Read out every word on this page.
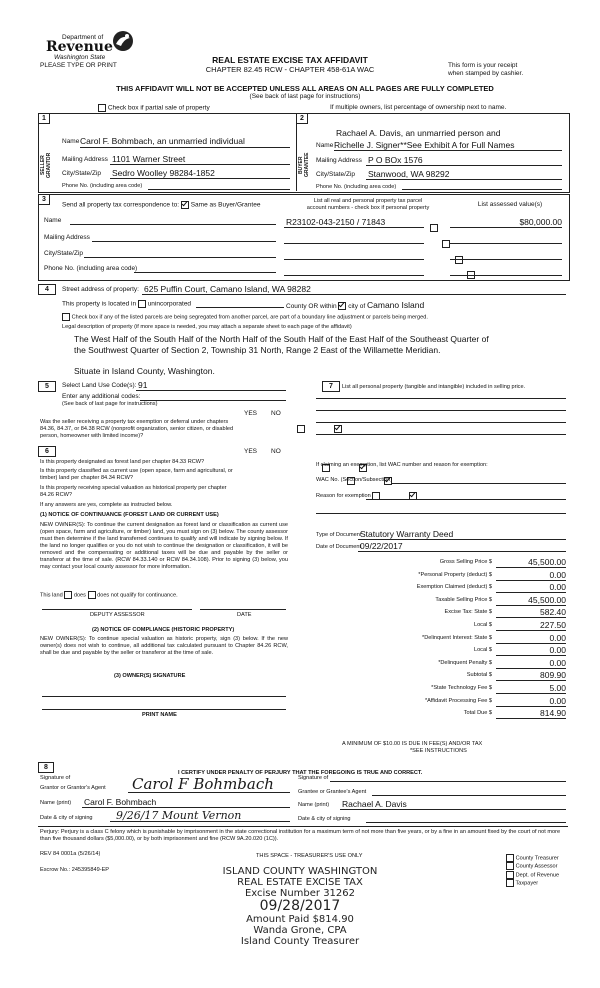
Department of
Revenue
Washington State
PLEASE TYPE OR PRINT
REAL ESTATE EXCISE TAX AFFIDAVIT
CHAPTER 82.45 RCW - CHAPTER 458-61A WAC	This form is your receipt
when stamped by cashier.
THIS AFFIDAVIT WILL NOT BE ACCEPTED UNLESS ALL AREAS ON ALL PAGES ARE FULLY COMPLETED
(See back of last page for instructions)
Check box if partial sale of property	If multiple owners, list percentage of ownership next to name.
1	2
SELLER GRANTOR	BUYER GRANTEE
Name Carol F. Bohmbach, an unmarried individual
Mailing Address 1101 Warner Street
City/State/Zip Sedro Woolley 98284-1852
Phone No. (including area code)
Rachael A. Davis, an unmarried person and
Name Richelle J. Signer**See Exhibit A for Full Names
Mailing Address P O BOx 1576
City/State/Zip Stanwood, WA 98292
Phone No. (including area code)
3
Send all property tax correspondence to: Same as Buyer/Grantee
List all real and personal property tax parcel
account numbers - check box if personal property	List assessed value(s)
Name
Mailing Address
City/State/Zip
Phone No. (including area code)
R23102-043-2150 / 71843

	$80,000.00
4	Street address of property: 625 Puffin Court, Camano Island, WA 98282
This property is located in unincorporated	County OR within city of Camano Island
Check box if any of the listed parcels are being segregated from another parcel, are part of a boundary line adjustment or parcels being merged.
Legal description of property (if more space is needed, you may attach a separate sheet to each page of the affidavit)
The West Half of the South Half of the North Half of the South Half of the East Half of the Southeast Quarter of
the Southwest Quarter of Section 2, Township 31 North, Range 2 East of the Willamette Meridian.
Situate in Island County, Washington.
5	Select Land Use Code(s): 91
Enter any additional codes:
(See back of last page for instructions)
YES NO
Was the seller receiving a property tax exemption or deferral under chapters 84.36, 84.37, or 84.38 RCW (nonprofit organization, senior citizen, or disabled person, homeowner with limited income)?

6	YES NO
Is this property designated as forest land per chapter 84.33 RCW?

Is this property classified as current use (open space, farm and agricultural, or timber) land per chapter 84.34 RCW?

Is this property receiving special valuation as historical property per chapter 84.26 RCW?

If any answers are yes, complete as instructed below.
(1) NOTICE OF CONTINUANCE (FOREST LAND OR CURRENT USE)
NEW OWNER(S): To continue the current designation as forest land or classification as current use (open space, farm and agriculture, or timber) land, you must sign on (3) below. The county assessor must then determine if the land transferred continues to qualify and will indicate by signing below. If the land no longer qualifies or you do not wish to continue the designation or classification, it will be removed and the compensating or additional taxes will be due and payable by the seller or transferor at the time of sale. (RCW 84.33.140 or RCW 84.34.108). Prior to signing (3) below, you may contact your local county assessor for more information.
This land does does not qualify for continuance.
DEPUTY ASSESSOR	DATE
(2) NOTICE OF COMPLIANCE (HISTORIC PROPERTY)
NEW OWNER(S): To continue special valuation as historic property, sign (3) below. If the new owner(s) does not wish to continue, all additional tax calculated pursuant to Chapter 84.26 RCW, shall be due and payable by the seller or transferor at the time of sale.
(3) OWNER(S) SIGNATURE
PRINT NAME
7	List all personal property (tangible and intangible) included in selling price.
If claiming an exemption, list WAC number and reason for exemption:
WAC No. (Section/Subsection)
Reason for exemption
Type of Document
Statutory Warranty Deed
Date of Document
09/22/2017
Gross Selling Price $	45,500.00
*Personal Property (deduct) $	0.00
Exemption Claimed (deduct) $	0.00
Taxable Selling Price $	45,500.00
Excise Tax: State $	582.40
Local $	227.50
*Delinquent Interest: State $	0.00
Local $	0.00
*Delinquent Penalty $	0.00
Subtotal $	809.90
*State Technology Fee $	5.00
*Affidavit Processing Fee $	0.00
Total Due $	814.90
A MINIMUM OF $10.00 IS DUE IN FEE(S) AND/OR TAX
*SEE INSTRUCTIONS
8
I CERTIFY UNDER PENALTY OF PERJURY THAT THE FOREGOING IS TRUE AND CORRECT.
Signature of
Grantor or Grantor's Agent Carol F Bohmbach
Name (print) Carol F. Bohmbach
Date & city of signing 9/26/17 Mount Vernon
Signature of
Grantee or Grantee's Agent
Name (print) Rachael A. Davis
Date & city of signing
Perjury: Perjury is a class C felony which is punishable by imprisonment in the state correctional institution for a maximum term of not more than five years, or by a fine in an amount fixed by the court of not more than five thousand dollars ($5,000.00), or by both imprisonment and fine (RCW 9A.20.020 (1C)).
REV 84 0001a (5/26/14)	THIS SPACE - TREASURER'S USE ONLY
Escrow No.: 245395849-EP
County Treasurer
County Assessor
Dept. of Revenue
Taxpayer
ISLAND COUNTY WASHINGTON
REAL ESTATE EXCISE TAX
Excise Number 31262
09/28/2017
Amount Paid $814.90
Wanda Grone, CPA
Island County Treasurer
